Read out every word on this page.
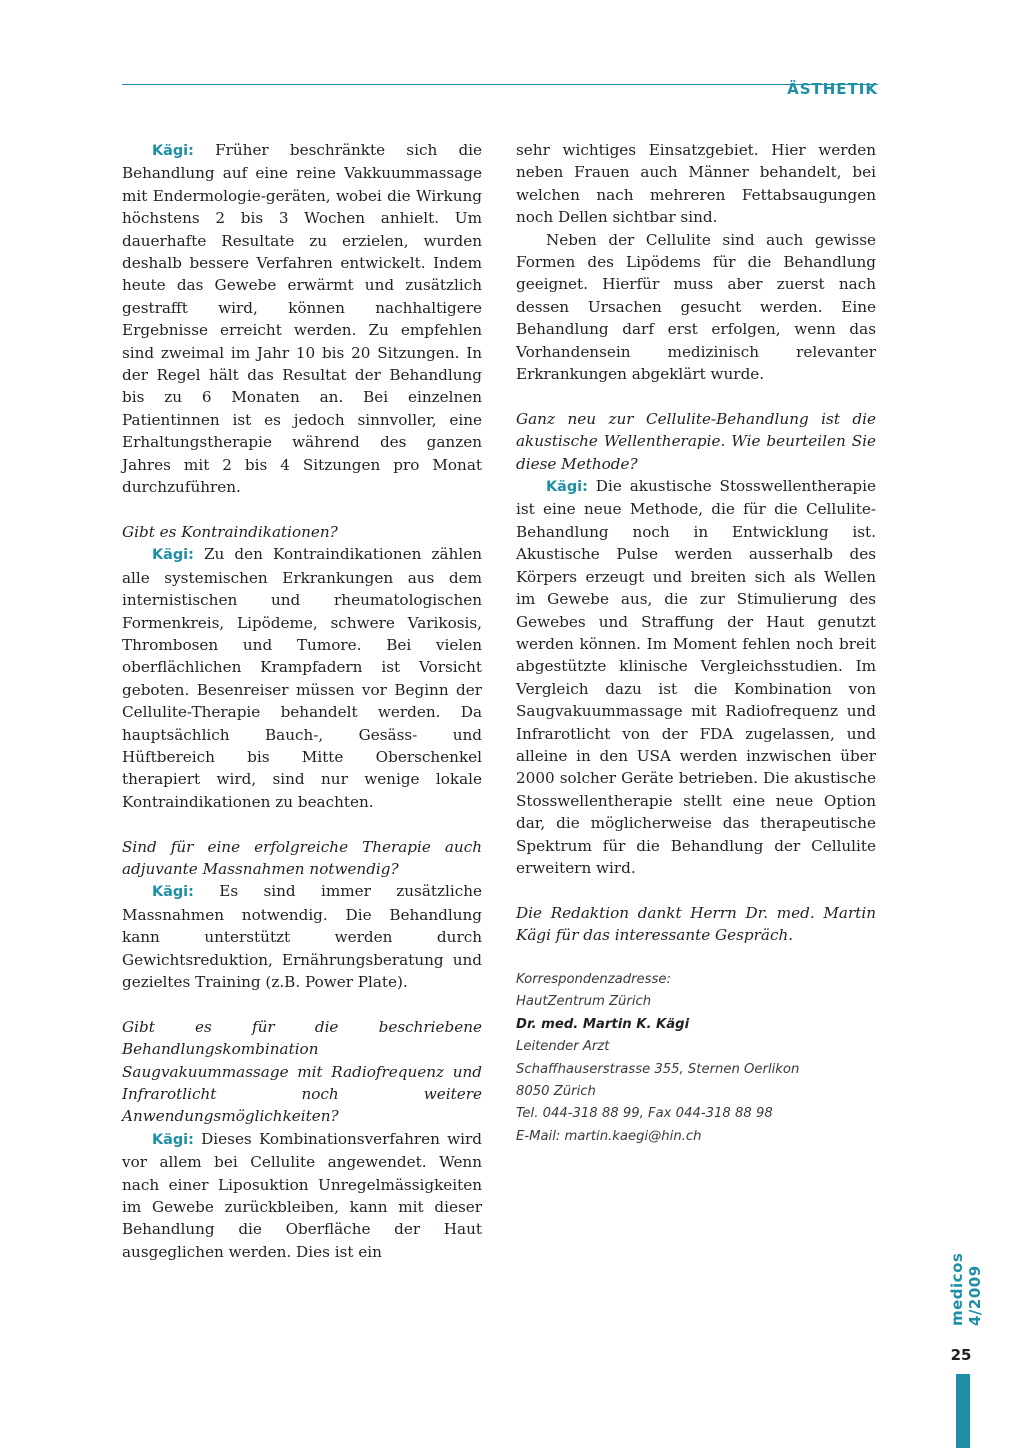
ÄSTHETIK

Kägi: Früher beschränkte sich die Behandlung auf eine reine Vakkuummassage mit Endermologie-geräten, wobei die Wirkung höchstens 2 bis 3 Wochen anhielt. Um dauerhafte Resultate zu erzielen, wurden deshalb bessere Verfahren entwickelt. Indem heute das Gewebe erwärmt und zusätzlich gestrafft wird, können nachhaltigere Ergebnisse erreicht werden. Zu empfehlen sind zweimal im Jahr 10 bis 20 Sitzungen. In der Regel hält das Resultat der Behandlung bis zu 6 Monaten an. Bei einzelnen Patientinnen ist es jedoch sinnvoller, eine Erhaltungstherapie während des ganzen Jahres mit 2 bis 4 Sitzungen pro Monat durchzuführen.

Gibt es Kontraindikationen?

Kägi: Zu den Kontraindikationen zählen alle systemischen Erkrankungen aus dem internistischen und rheumatologischen Formenkreis, Lipödeme, schwere Varikosis, Thrombosen und Tumore. Bei vielen oberflächlichen Krampfadern ist Vorsicht geboten. Besenreiser müssen vor Beginn der Cellulite-Therapie behandelt werden. Da hauptsächlich Bauch-, Gesäss- und Hüftbereich bis Mitte Oberschenkel therapiert wird, sind nur wenige lokale Kontraindikationen zu beachten.

Sind für eine erfolgreiche Therapie auch adjuvante Massnahmen notwendig?

Kägi: Es sind immer zusätzliche Massnahmen notwendig. Die Behandlung kann unterstützt werden durch Gewichtsreduktion, Ernährungsberatung und gezieltes Training (z.B. Power Plate).

Gibt es für die beschriebene Behandlungskombination Saugvakuummassage mit Radiofrequenz und Infrarotlicht noch weitere Anwendungsmöglichkeiten?

Kägi: Dieses Kombinationsverfahren wird vor allem bei Cellulite angewendet. Wenn nach einer Liposuktion Unregelmässigkeiten im Gewebe zurückbleiben, kann mit dieser Behandlung die Oberfläche der Haut ausgeglichen werden. Dies ist ein

sehr wichtiges Einsatzgebiet. Hier werden neben Frauen auch Männer behandelt, bei welchen nach mehreren Fettabsaugungen noch Dellen sichtbar sind.

Neben der Cellulite sind auch gewisse Formen des Lipödems für die Behandlung geeignet. Hierfür muss aber zuerst nach dessen Ursachen gesucht werden. Eine Behandlung darf erst erfolgen, wenn das Vorhandensein medizinisch relevanter Erkrankungen abgeklärt wurde.

Ganz neu zur Cellulite-Behandlung ist die akustische Wellentherapie. Wie beurteilen Sie diese Methode?

Kägi: Die akustische Stosswellentherapie ist eine neue Methode, die für die Cellulite-Behandlung noch in Entwicklung ist. Akustische Pulse werden ausserhalb des Körpers erzeugt und breiten sich als Wellen im Gewebe aus, die zur Stimulierung des Gewebes und Straffung der Haut genutzt werden können. Im Moment fehlen noch breit abgestützte klinische Vergleichsstudien. Im Vergleich dazu ist die Kombination von Saugvakuummassage mit Radiofrequenz und Infrarotlicht von der FDA zugelassen, und alleine in den USA werden inzwischen über 2000 solcher Geräte betrieben. Die akustische Stosswellentherapie stellt eine neue Option dar, die möglicherweise das therapeutische Spektrum für die Behandlung der Cellulite erweitern wird.

Die Redaktion dankt Herrn Dr. med. Martin Kägi für das interessante Gespräch.

Korrespondenzadresse:
HautZentrum Zürich
Dr. med. Martin K. Kägi
Leitender Arzt
Schaffhauserstrasse 355, Sternen Oerlikon
8050 Zürich
Tel. 044-318 88 99, Fax 044-318 88 98
E-Mail: martin.kaegi@hin.ch
medicos 4/2009
25
